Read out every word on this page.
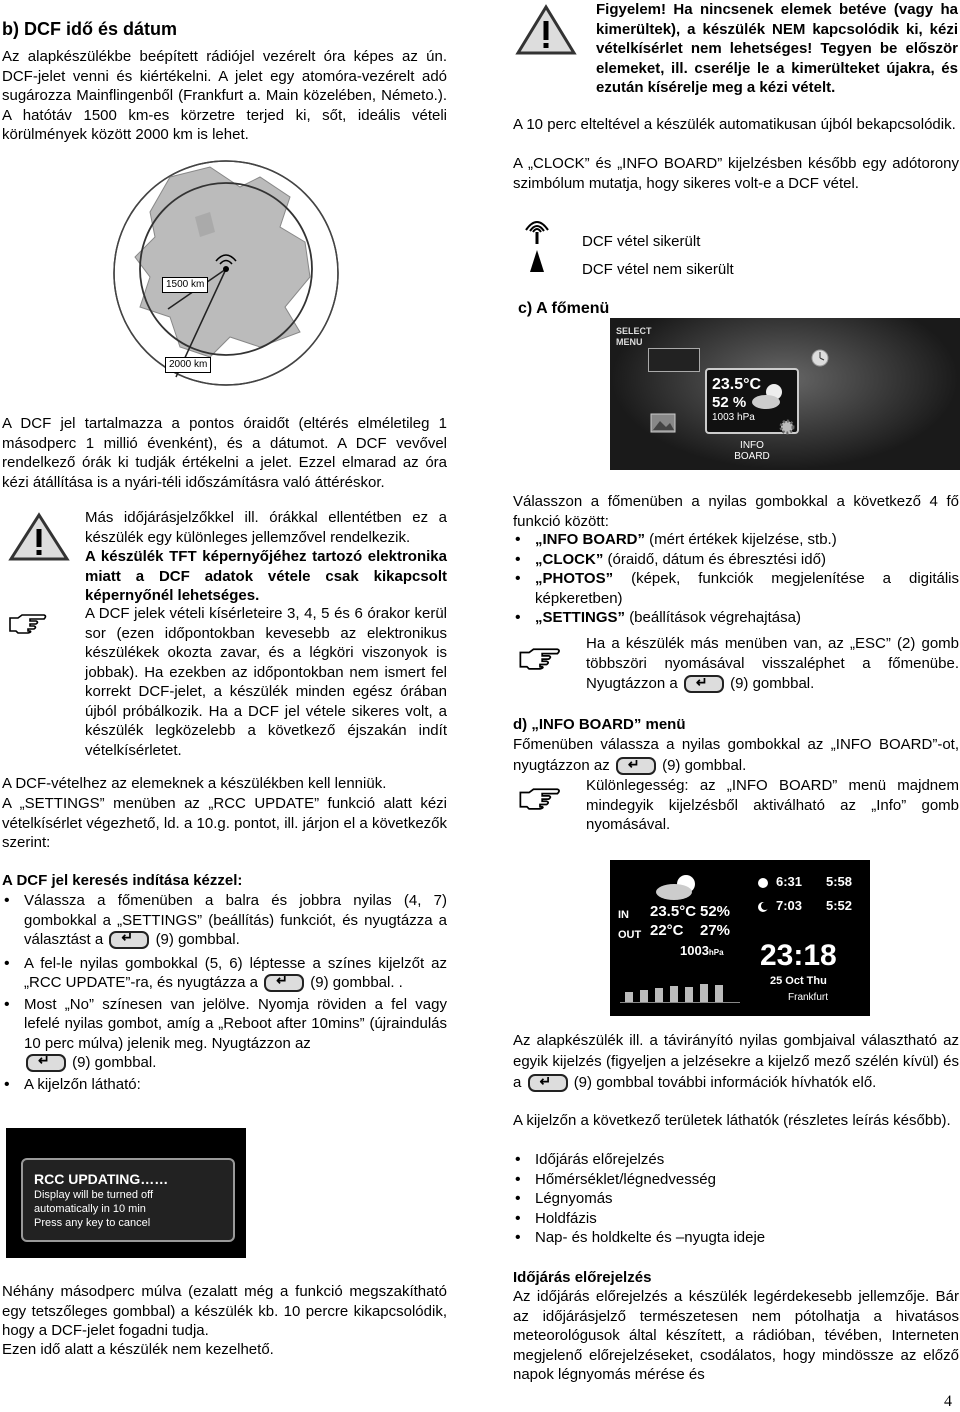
b) DCF idő és dátum

Az alapkészülékbe beépített rádiójel vezérelt óra képes az ún. DCF-jelet venni és kiértékelni. A jelet egy atomóra-vezérelt adó sugározza Mainflingenből (Frankfurt a. Main közelében, Németo.). A hatótáv 1500 km-es körzetre terjed ki, sőt, ideális vételi körülmények között 2000 km is lehet.

1500 km
2000 km

A DCF jel tartalmazza a pontos óraidőt (eltérés elméletileg 1 másodperc 1 millió évenként), és a dátumot. A DCF vevővel rendelkező órák ki tudják értékelni a jelet. Ezzel elmarad az óra kézi átállítása is a nyári-téli időszámításra való áttéréskor.

Más időjárásjelzőkkel ill. órákkal ellentétben ez a készülék egy különleges jellemzővel rendelkezik.

A készülék TFT képernyőjéhez tartozó elektronika miatt a DCF adatok vétele csak kikapcsolt képernyőnél lehetséges.

A DCF jelek vételi kísérleteire 3, 4, 5 és 6 órakor kerül sor (ezen időpontokban kevesebb az elektronikus készülékek okozta zavar, és a légköri viszonyok is jobbak). Ha ezekben az időpontokban nem ismert fel korrekt DCF-jelet, a készülék minden egész órában újból próbálkozik. Ha a DCF jel vétele sikeres volt, a készülék legközelebb a következő éjszakán indít vételkísérletet.

A DCF-vételhez az elemeknek a készülékben kell lenniük.

A „SETTINGS” menüben az „RCC UPDATE” funkció alatt kézi vételkísérlet végezhető, ld. a 10.g. pontot, ill. járjon el a következők szerint:

A DCF jel keresés indítása kézzel:
• Válassza a főmenüben a balra és jobbra nyilas (4, 7) gombokkal a „SETTINGS” (beállítás) funkciót, és nyugtázza a választást a ↵	(9) gombbal.
• A fel-le nyilas gombokkal (5, 6) léptesse a színes kijelzőt az „RCC UPDATE”-ra, és nyugtázza a ↵	(9) gombbal. .
• Most „No” színesen van jelölve. Nyomja röviden a fel vagy lefelé nyilas gombot, amíg a „Reboot after 10mins” (újraindulás 10 perc múlva) jelenik meg. Nyugtázzon az
↵ (9) gombbal.
• A kijelzőn látható:
RCC UPDATING……
Display will be turned off
automatically in 10 min
Press any key to cancel

Néhány másodperc múlva (ezalatt még a funkció megszakítható egy tetszőleges gombbal) a készülék kb. 10 percre kikapcsolódik, hogy a DCF-jelet fogadni tudja.

Ezen idő alatt a készülék nem kezelhető.

Figyelem! Ha nincsenek elemek betéve (vagy ha kimerültek), a készülék NEM kapcsolódik ki, kézi vételkísérlet nem lehetséges! Tegyen be először elemeket, ill. cserélje le a kimerülteket újakra, és ezután kísérelje meg a kézi vételt.

A 10 perc elteltével a készülék automatikusan újból bekapcsolódik.

A „CLOCK” és „INFO BOARD” kijelzésben később egy adótorony szimbólum mutatja, hogy sikeres volt-e a DCF vétel.

DCF vétel sikerült

DCF vétel nem sikerült

c) A főmenü
SELECT
MENU
23.5°C
52 %
1003 hPa
INFO
BOARD

Válasszon a főmenüben a nyilas gombokkal a következő 4 fő funkció között:

• „INFO BOARD” (mért értékek kijelzése, stb.)
• „CLOCK” (óraidő, dátum és ébresztési idő)
• „PHOTOS” (képek, funkciók megjelenítése a digitális képkeretben)
• „SETTINGS” (beállítások végrehajtása)

Ha a készülék más menüben van, az „ESC” (2) gomb többszöri nyomásával visszaléphet a főmenübe. Nyugtázzon a ↵	(9) gombbal.

d) „INFO BOARD” menü

Főmenüben válassza a nyilas gombokkal az „INFO BOARD”-ot, nyugtázzon az ↵	(9) gombbal.

Különlegesség: az „INFO BOARD” menü majdnem mindegyik kijelzésből aktiválható az „Info” gomb nyomásával.

IN
OUT
23.5°C 52%
22°C 27%
1003hPa
6:31 5:58
7:03 5:52
23:18
25 Oct Thu
Frankfurt

Az alapkészülék ill. a távirányító nyilas gombjaival választható az egyik kijelzés (figyeljen a jelzésekre a kijelző mező szélén kívül) és a ↵	(9) gombbal további információk hívhatók elő.

A kijelzőn a következő területek láthatók (részletes leírás később).

• Időjárás előrejelzés
• Hőmérséklet/légnedvesség
• Légnyomás
• Holdfázis
• Nap- és holdkelte és –nyugta ideje
Időjárás előrejelzés

Az időjárás előrejelzés a készülék legérdekesebb jellemzője. Bár az időjárásjelző természetesen nem pótolhatja a hivatásos meteorológusok által készített, a rádióban, tévében, Interneten megjelenő előrejelzéseket, csodálatos, hogy mindössze az előző napok légnyomás mérése és

4
